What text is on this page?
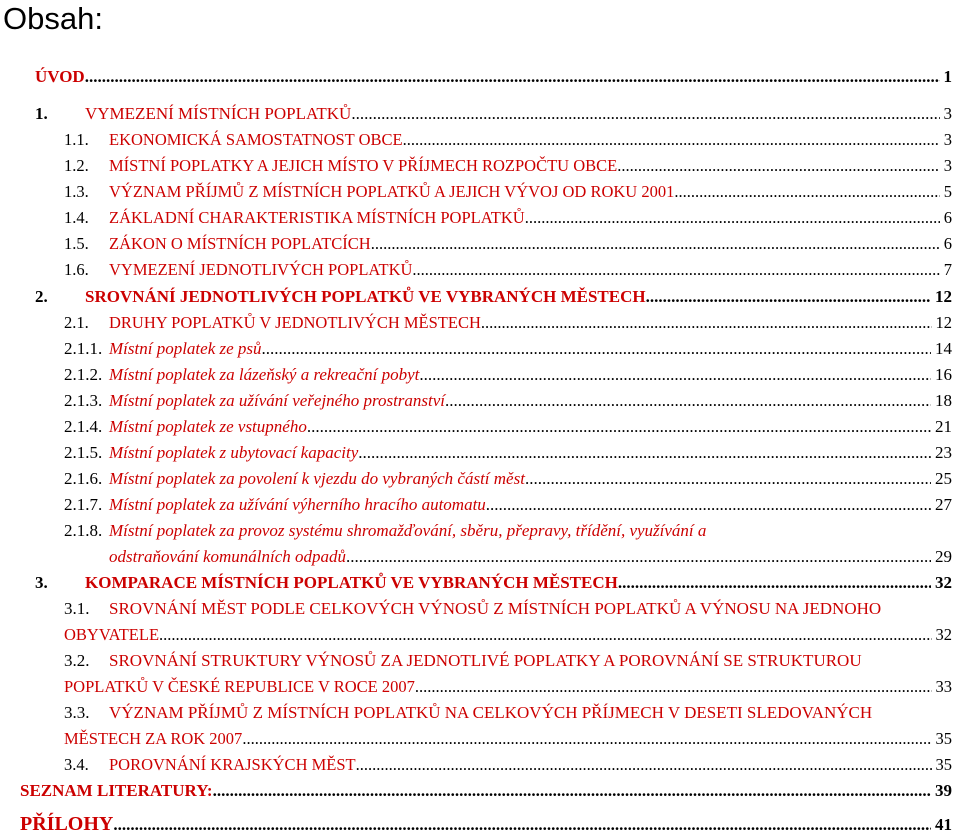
Obsah:
ÚVOD .....	1
1.	VYMEZENÍ MÍSTNÍCH POPLATKŮ .....	3
1.1.	EKONOMICKÁ SAMOSTATNOST OBCE .....	3
1.2.	MÍSTNÍ POPLATKY A JEJICH MÍSTO V PŘÍJMECH ROZPOČTU OBCE .....	3
1.3.	VÝZNAM PŘÍJMŮ Z MÍSTNÍCH POPLATKŮ A JEJICH VÝVOJ OD ROKU 2001 .....	5
1.4.	ZÁKLADNÍ CHARAKTERISTIKA MÍSTNÍCH POPLATKŮ .....	6
1.5.	ZÁKON O MÍSTNÍCH POPLATCÍCH .....	6
1.6.	VYMEZENÍ JEDNOTLIVÝCH POPLATKŮ .....	7
2.	SROVNÁNÍ JEDNOTLIVÝCH POPLATKŮ VE VYBRANÝCH MĚSTECH .....	12
2.1.	DRUHY POPLATKŮ V JEDNOTLIVÝCH MĚSTECH .....	12
2.1.1. Místní poplatek ze psů .....	14
2.1.2. Místní poplatek za lázeňský a rekreační pobyt .....	16
2.1.3. Místní poplatek za užívání veřejného prostranství .....	18
2.1.4. Místní poplatek ze vstupného .....	21
2.1.5. Místní poplatek z ubytovací kapacity .....	23
2.1.6. Místní poplatek za povolení k vjezdu do vybraných částí měst .....	25
2.1.7. Místní poplatek za užívání výherního hracího automatu .....	27
2.1.8. Místní poplatek za provoz systému shromažďování, sběru, přepravy, třídění, využívání a
odstraňování komunálních odpadů .....	29
3.	KOMPARACE MÍSTNÍCH POPLATKŮ VE VYBRANÝCH MĚSTECH .....	32
3.1. SROVNÁNÍ MĚST PODLE CELKOVÝCH VÝNOSŮ Z MÍSTNÍCH POPLATKŮ A VÝNOSU NA JEDNOHO
OBYVATELE .....	32
3.2. SROVNÁNÍ STRUKTURY VÝNOSŮ ZA JEDNOTLIVÉ POPLATKY A POROVNÁNÍ SE STRUKTUROU
POPLATKŮ V ČESKÉ REPUBLICE V ROCE 2007 .....	33
3.3. VÝZNAM PŘÍJMŮ Z MÍSTNÍCH POPLATKŮ NA CELKOVÝCH PŘÍJMECH V DESETI SLEDOVANÝCH
MĚSTECH ZA ROK 2007 .....	35
3.4.	POROVNÁNÍ KRAJSKÝCH MĚST .....	35
SEZNAM LITERATURY: .....	39
PŘÍLOHY .....	41
